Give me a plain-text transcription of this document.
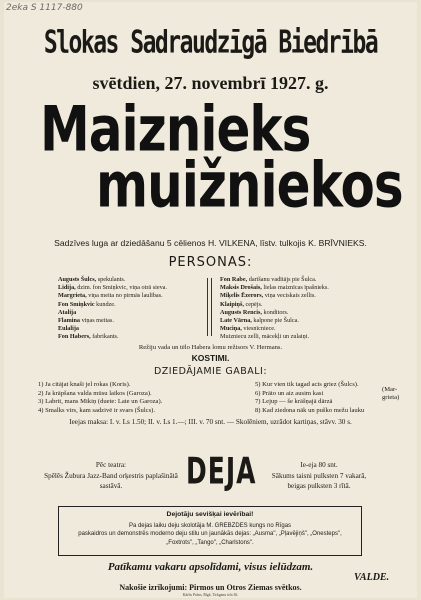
2eka S 1117-880
Slokas Sadraudzīgā Biedrībā
svētdien, 27. novembrī 1927. g.
Maiznieks
muižniekos
Sadzīves luga ar dziedāšanu 5 cēlienos H. VILKENA, līstv. tulkojis K. BRĪVNIEKS.
PERSONAS:
Augusts Šulcs, spekulants.
Lidija, dzim. fon Smiņkvic, viņa otrā sieva.
Margrieta, viņa meita no pirmās laulības.
Fon Smiņkvic kundze.
Atalija
Flamina viņas meitas.
Eulalija
Fon Habers, fabrikants.
Fon Rabe, darīšanu vadītājs pie Šulca.
Maksis Drošais, lielas maiznīcas īpašnieks.
Miķelis Ēzerors, viņa veciskais zellis.
Klaipiņš, cepējs.
Augusts Rencis, konditors.
Late Vārna, kalpone pie Šulca.
Muciņa, viesnīcniece.
Muizniecu zelli, mācekļi un zulaiņi.
Režiju vada un tēlo Habera lomu režisors V. Hermans.
KOSTIMI.
DZIEDĀJAMIE GABALI:
1) Ja citājat knaši jel rokas (Koris).
2) Ja krāpšana valda mūsu laikos (Garoza).
3) Labrit, mans Mikiņ (duete: Late un Garoza).
4) Smalks virs, kam sadzivē ir svars (Šulcs).
5) Kur vien tik tagad acis griez (Šulcs).
6) Prāto un aiz ausim kasi
7) Lejup — še krāšņajā dārzā
8) Kad ziedona nāk un puško mežu lauku
(Mar- grieta)
Ieejas maksa: I. v. Ls 1.50; II. v. Ls 1.—; III. v. 70 snt. — Skolēniem, uzrādot kartiņas, stāvv. 30 s.
Pēc teatra:
Spēlēs Žubura Jazz-Band orķestris paplašinātā sastāvā.	DEJA	Ie-eja 80 snt.
Sākums taisni pulksten 7 vakarā,
beigas pulksten 3 rītā.
Dejotāju sevišķai ievērībai!
Pa dejas laiku deju skolotāja M. GREBZDES kungs no Rīgas
paskaidros un demonstrēs moderno deju stilu un jaunākās dejas: „Ausma", „Pļavējiņš", „Onesteps",
„Foxtrots", „Tango", „Charlstons".
Patīkamu vakaru apsolīdami, visus ielūdzam.
VALDE.
Nakošie izrīkojumi: Pirmos un Otros Ziemas svētkos.
Kārlis Prāns, Rīgā, Tirkganu iela 36.
